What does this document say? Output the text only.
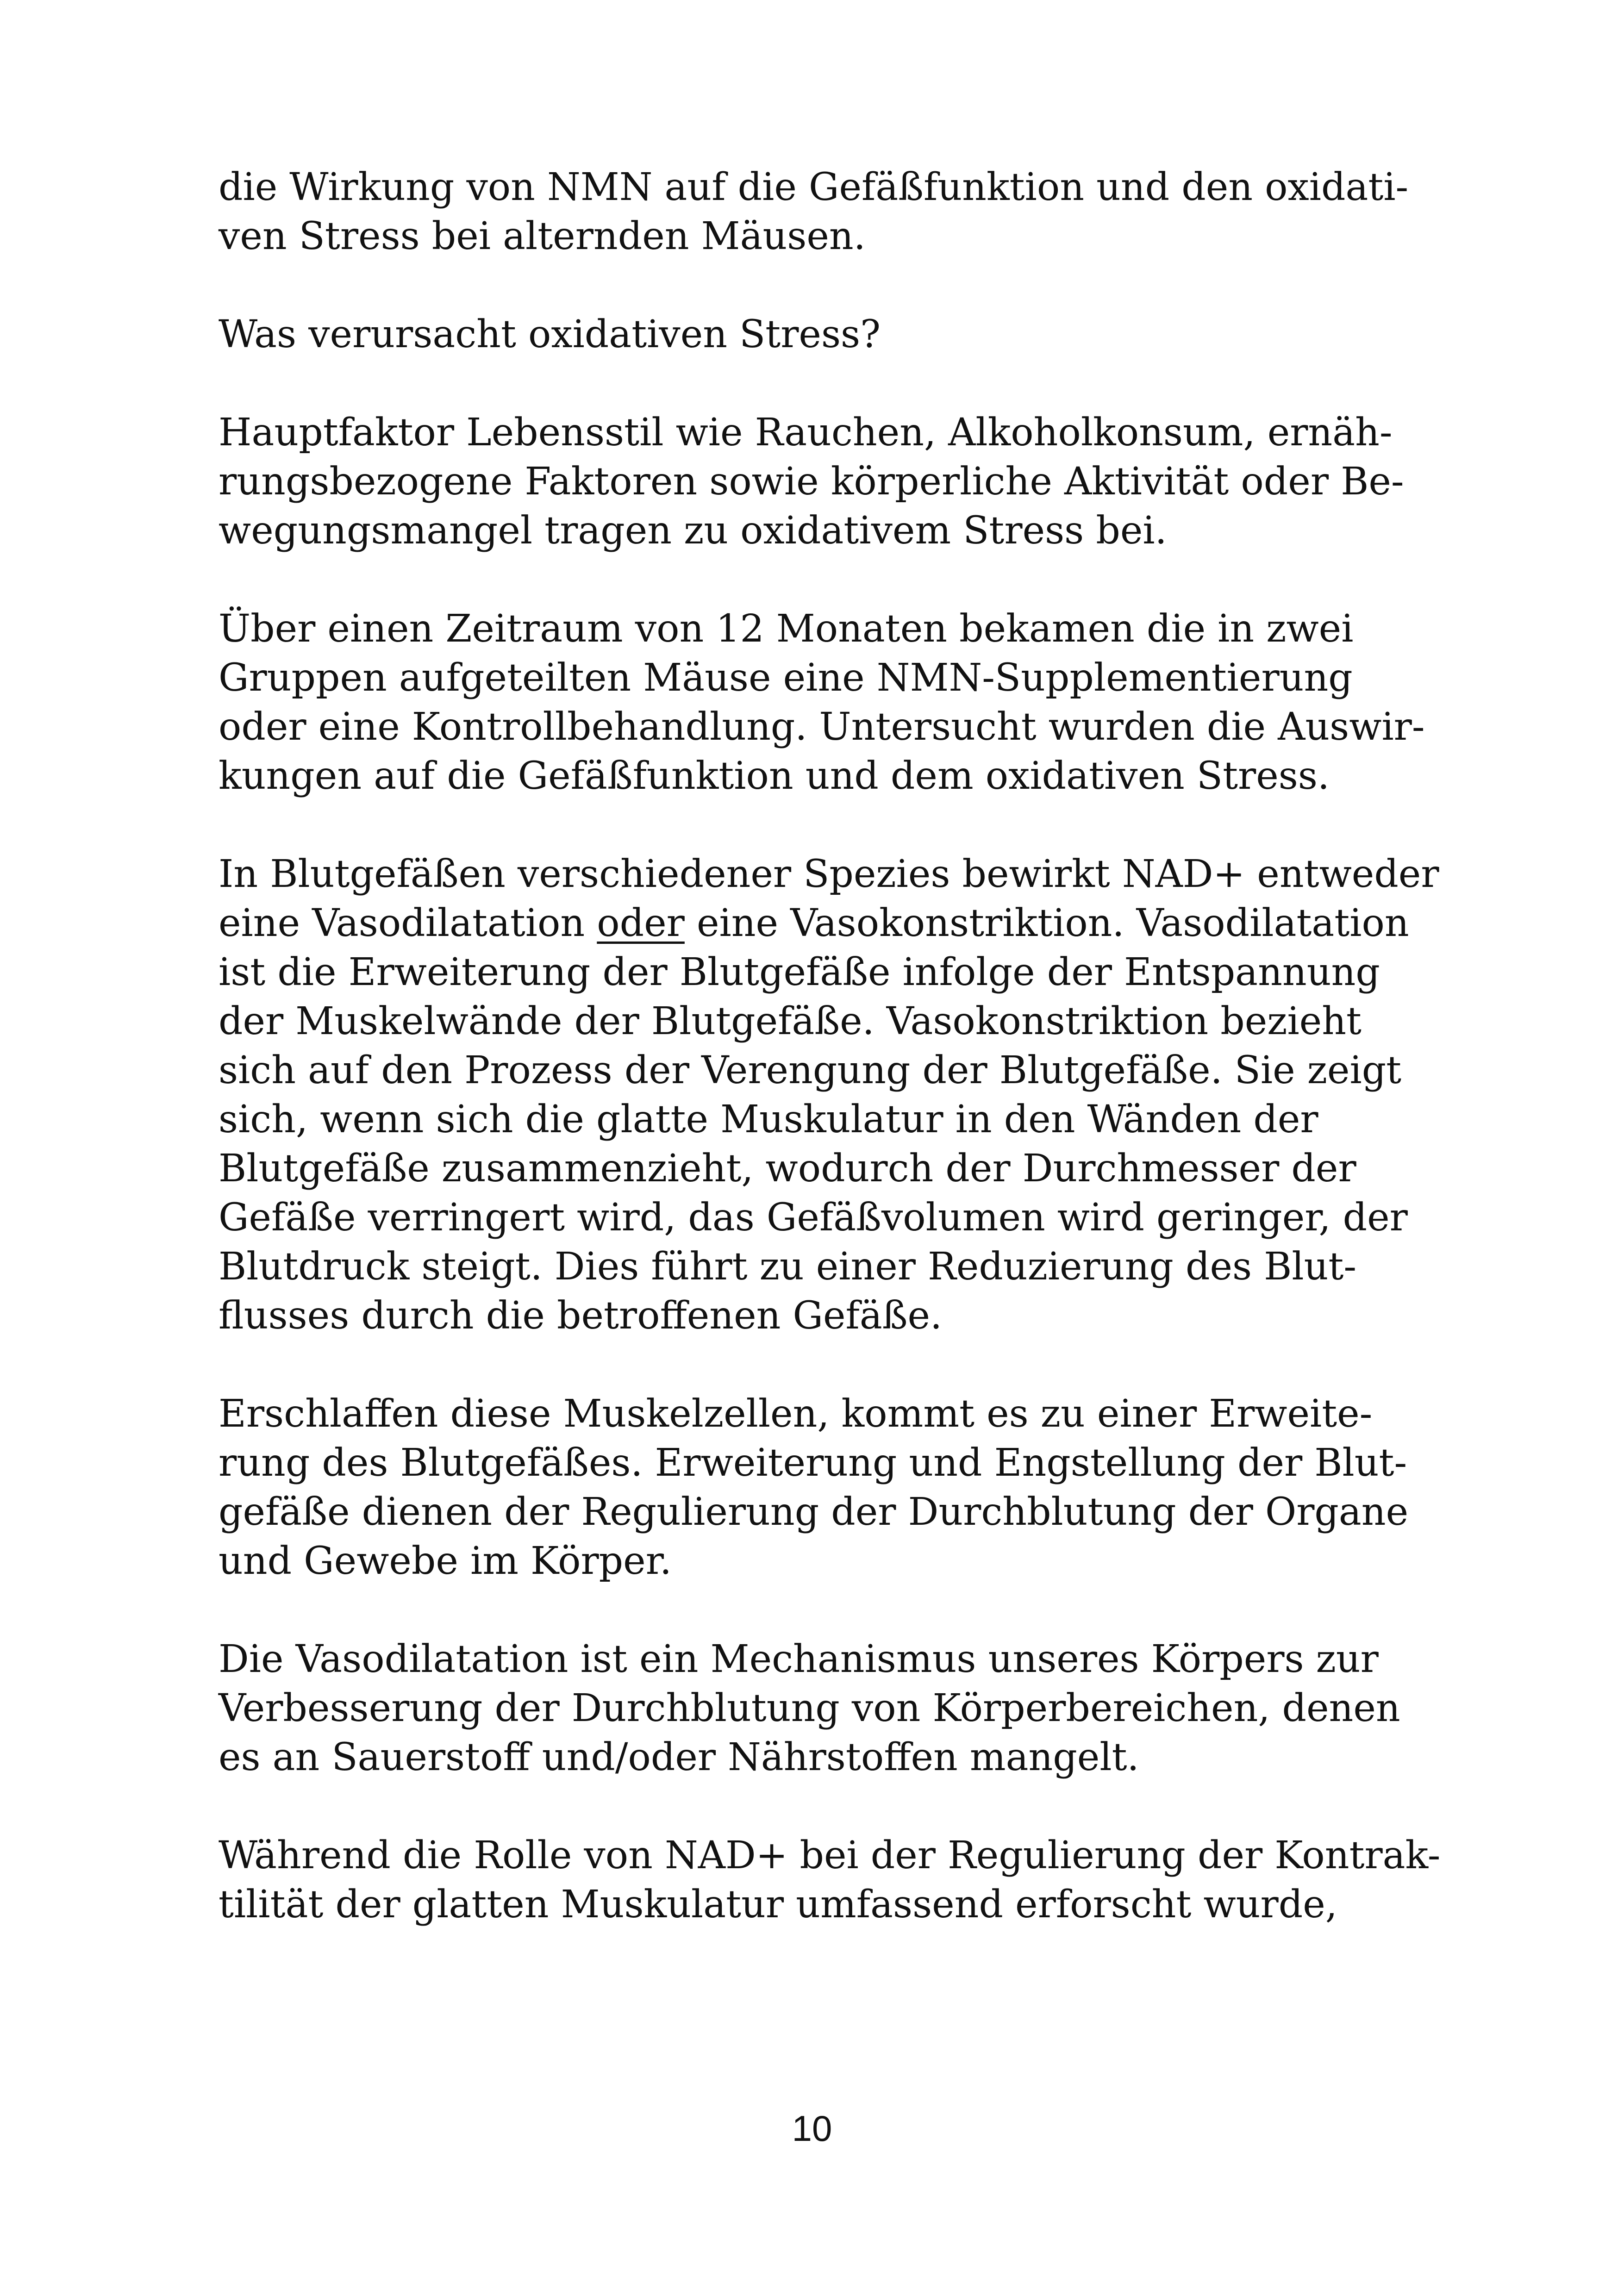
die Wirkung von NMN auf die Gefäßfunktion und den oxidati-
ven Stress bei alternden Mäusen.

Was verursacht oxidativen Stress?

Hauptfaktor Lebensstil wie Rauchen, Alkoholkonsum, ernäh-
rungsbezogene Faktoren sowie körperliche Aktivität oder Be-
wegungsmangel tragen zu oxidativem Stress bei.

Über einen Zeitraum von 12 Monaten bekamen die in zwei
Gruppen aufgeteilten Mäuse eine NMN-Supplementierung
oder eine Kontrollbehandlung. Untersucht wurden die Auswir-
kungen auf die Gefäßfunktion und dem oxidativen Stress.

In Blutgefäßen verschiedener Spezies bewirkt NAD+ entweder
eine Vasodilatation oder eine Vasokonstriktion. Vasodilatation
ist die Erweiterung der Blutgefäße infolge der Entspannung
der Muskelwände der Blutgefäße. Vasokonstriktion bezieht
sich auf den Prozess der Verengung der Blutgefäße. Sie zeigt
sich, wenn sich die glatte Muskulatur in den Wänden der
Blutgefäße zusammenzieht, wodurch der Durchmesser der
Gefäße verringert wird, das Gefäßvolumen wird geringer, der
Blutdruck steigt. Dies führt zu einer Reduzierung des Blut-
flusses durch die betroffenen Gefäße.

Erschlaffen diese Muskelzellen, kommt es zu einer Erweite-
rung des Blutgefäßes. Erweiterung und Engstellung der Blut-
gefäße dienen der Regulierung der Durchblutung der Organe
und Gewebe im Körper.

Die Vasodilatation ist ein Mechanismus unseres Körpers zur
Verbesserung der Durchblutung von Körperbereichen, denen
es an Sauerstoff und/oder Nährstoffen mangelt.

Während die Rolle von NAD+ bei der Regulierung der Kontrak-
tilität der glatten Muskulatur umfassend erforscht wurde,

10
